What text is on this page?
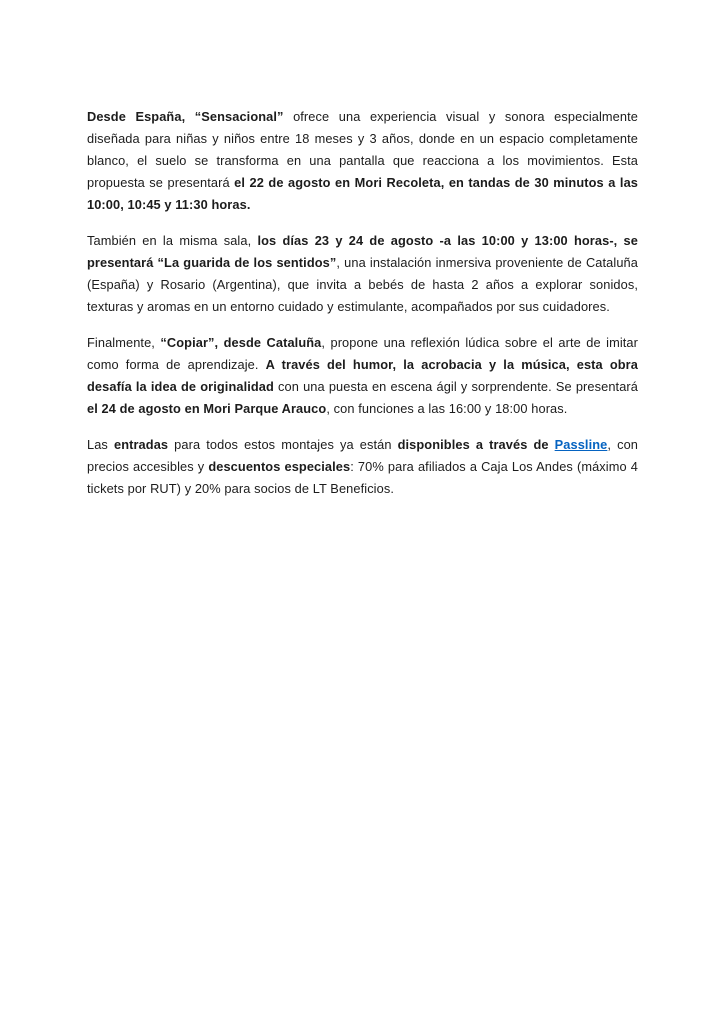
Desde España, “Sensacional” ofrece una experiencia visual y sonora especialmente diseñada para niñas y niños entre 18 meses y 3 años, donde en un espacio completamente blanco, el suelo se transforma en una pantalla que reacciona a los movimientos. Esta propuesta se presentará el 22 de agosto en Mori Recoleta, en tandas de 30 minutos a las 10:00, 10:45 y 11:30 horas.

También en la misma sala, los días 23 y 24 de agosto -a las 10:00 y 13:00 horas-, se presentará “La guarida de los sentidos”, una instalación inmersiva proveniente de Cataluña (España) y Rosario (Argentina), que invita a bebés de hasta 2 años a explorar sonidos, texturas y aromas en un entorno cuidado y estimulante, acompañados por sus cuidadores.

Finalmente, “Copiar”, desde Cataluña, propone una reflexión lúdica sobre el arte de imitar como forma de aprendizaje. A través del humor, la acrobacia y la música, esta obra desafía la idea de originalidad con una puesta en escena ágil y sorprendente. Se presentará el 24 de agosto en Mori Parque Arauco, con funciones a las 16:00 y 18:00 horas.

Las entradas para todos estos montajes ya están disponibles a través de Passline, con precios accesibles y descuentos especiales: 70% para afiliados a Caja Los Andes (máximo 4 tickets por RUT) y 20% para socios de LT Beneficios.
